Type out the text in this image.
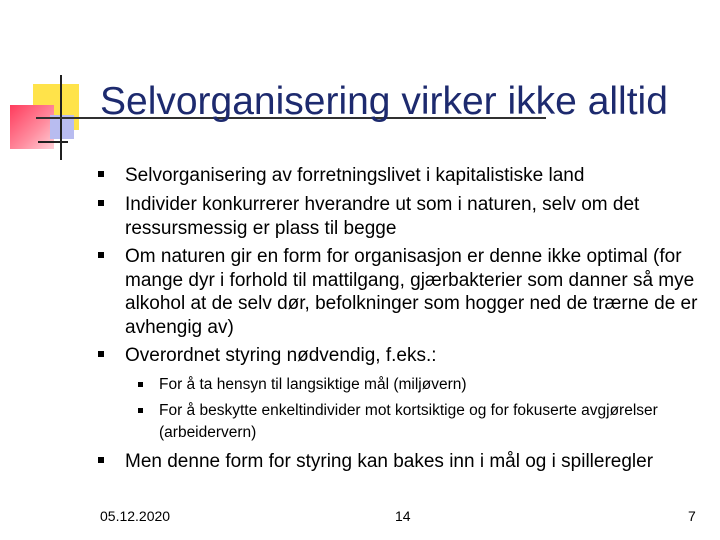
Selvorganisering virker ikke alltid
Selvorganisering av forretningslivet i kapitalistiske land
Individer konkurrerer hverandre ut som i naturen, selv om det ressursmessig er plass til begge
Om naturen gir en form for organisasjon er denne ikke optimal (for mange dyr i forhold til mattilgang, gjærbakterier som danner så mye alkohol at de selv dør, befolkninger som hogger ned de trærne de er avhengig av)
Overordnet styring nødvendig, f.eks.:
For å ta hensyn til langsiktige mål (miljøvern)
For å beskytte enkeltindivider mot kortsiktige og for fokuserte avgjørelser (arbeidervern)
Men denne form for styring kan bakes inn i mål og i spilleregler
05.12.2020	14	7
